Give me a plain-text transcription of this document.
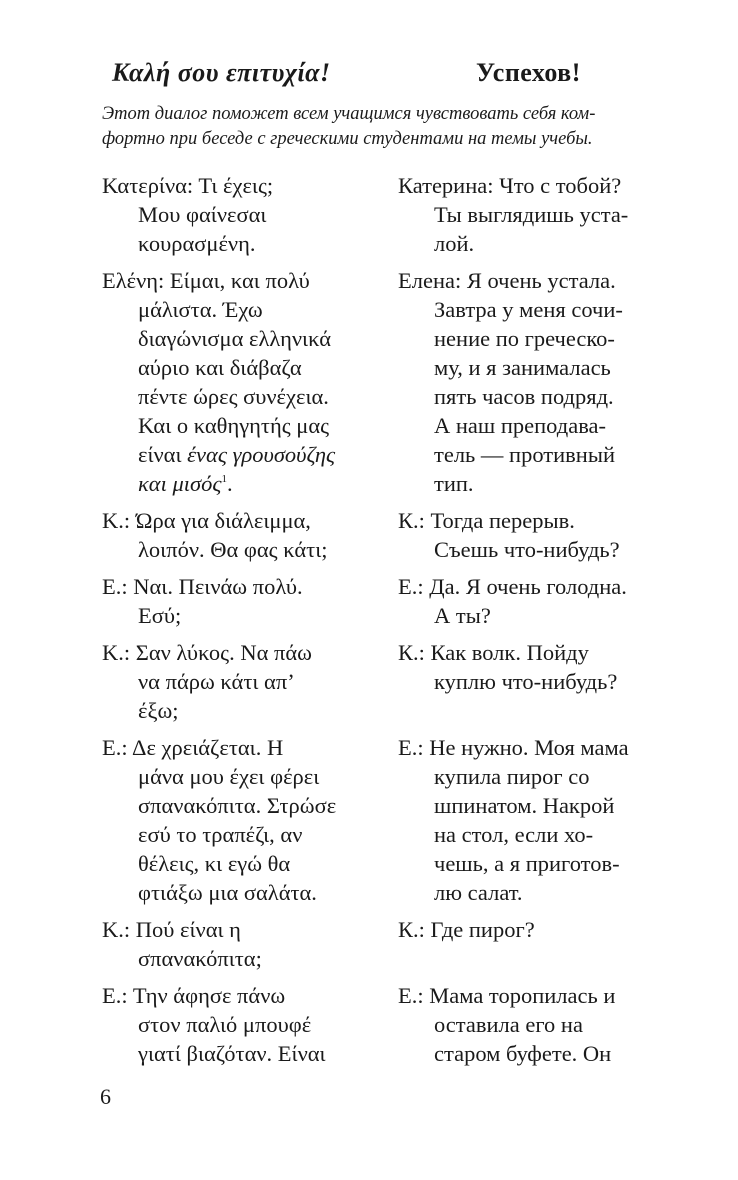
Καλή σου επιτυχία!	Успехов!
Этот диалог поможет всем учащимся чувствовать себя ком-
фортно при беседе с греческими студентами на темы учебы.
Κατερίνα: Τι έχεις;
Μου φαίνεσαι
κουρασμένη.
Ελένη: Είμαι, και πολύ
μάλιστα. Έχω
διαγώνισμα ελληνικά
αύριο και διάβαζα
πέντε ώρες συνέχεια.
Και ο καθηγητής μας
είναι ένας γρουσούζης
και μισός$^1$.
Κ.: Ώρα για διάλειμμα,
λοιπόν. Θα φας κάτι;
Ε.: Ναι. Πεινάω πολύ.
Εσύ;
Κ.: Σαν λύκος. Να πάω
να πάρω κάτι απ’
έξω;
Ε.: Δε χρειάζεται. Η
μάνα μου έχει φέρει
σπανακόπιτα. Στρώσε
εσύ το τραπέζι, αν
θέλεις, κι εγώ θα
φτιάξω μια σαλάτα.
Κ.: Πού είναι η
σπανακόπιτα;
Ε.: Την άφησε πάνω
στον παλιό μπουφέ
γιατί βιαζόταν. Είναι
Катерина: Что с тобой?
Ты выглядишь уста-
лой.
Елена: Я очень устала.
Завтра у меня сочи-
нение по греческо-
му, и я занималась
пять часов подряд.
А наш преподава-
тель — противный
тип.
К.: Тогда перерыв.
Съешь что-нибудь?
Е.: Да. Я очень голодна.
А ты?
К.: Как волк. Пойду
куплю что-нибудь?

Е.: Не нужно. Моя мама
купила пирог со
шпинатом. Накрой
на стол, если хо-
чешь, а я приготов-
лю салат.
К.: Где пирог?

Е.: Мама торопилась и
оставила его на
старом буфете. Он
6
